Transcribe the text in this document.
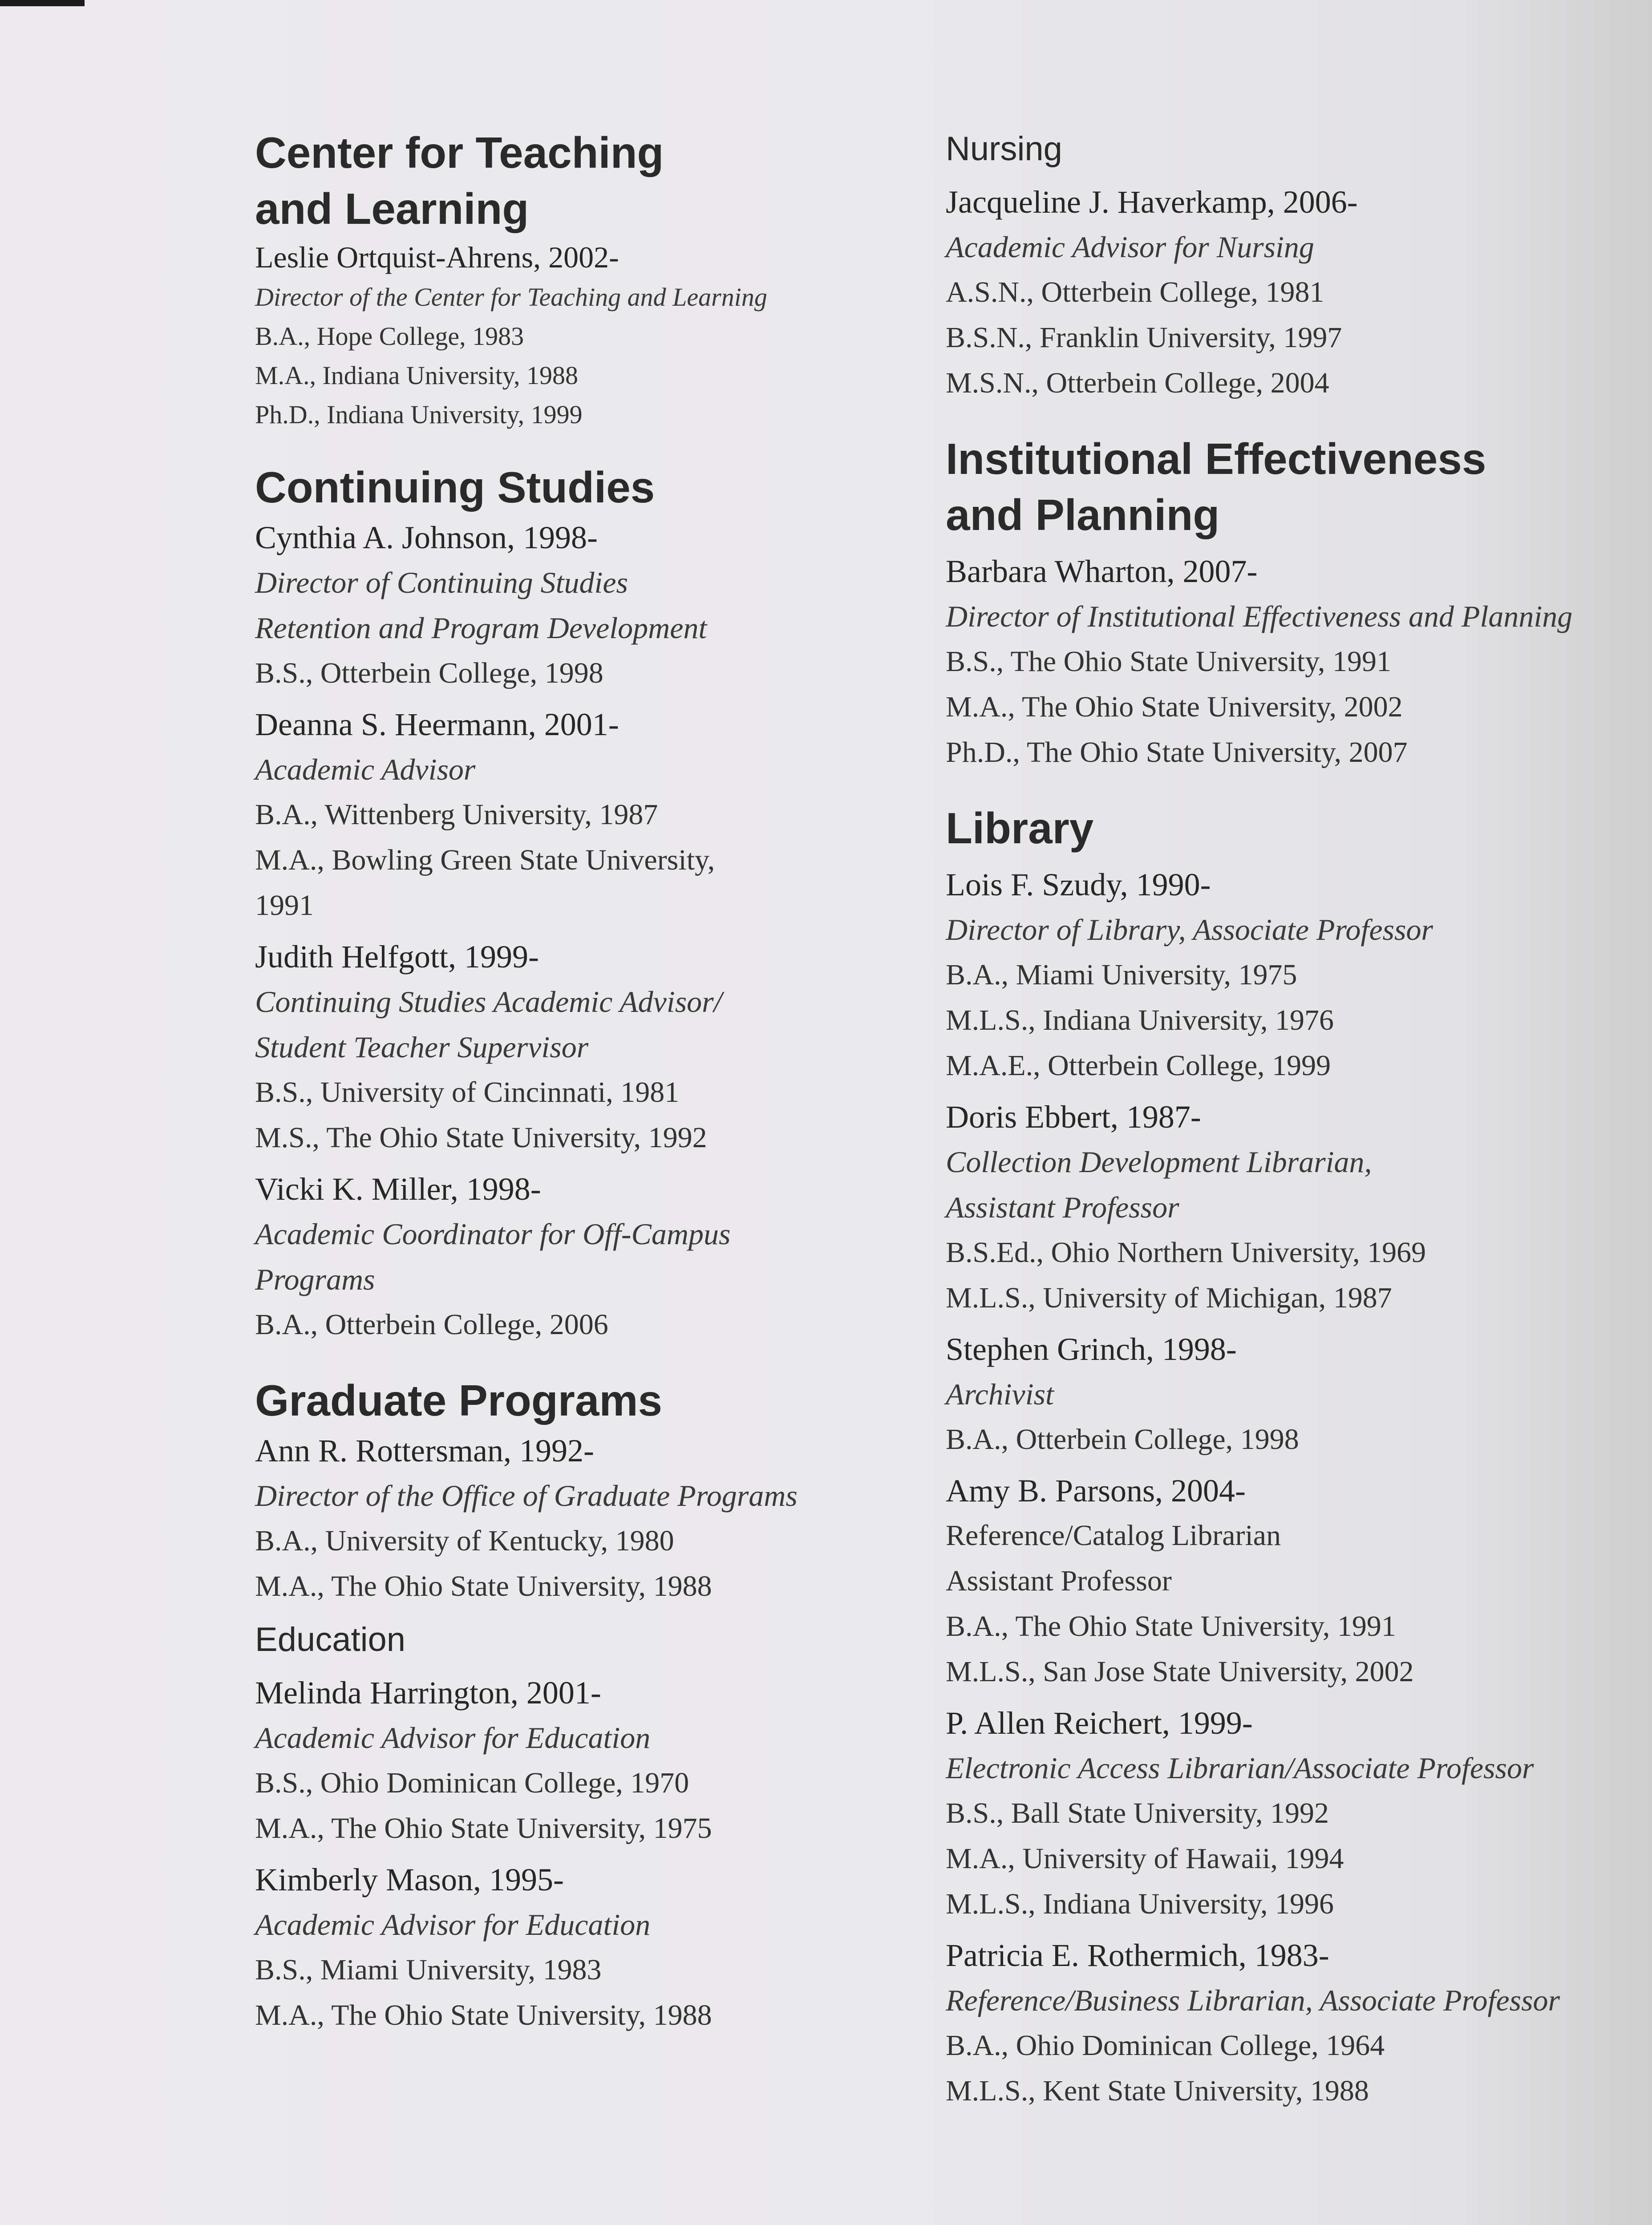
Center for Teaching
and Learning
Leslie Ortquist-Ahrens, 2002-
Director of the Center for Teaching and Learning
B.A., Hope College, 1983
M.A., Indiana University, 1988
Ph.D., Indiana University, 1999
Continuing Studies
Cynthia A. Johnson, 1998-
Director of Continuing Studies
Retention and Program Development
B.S., Otterbein College, 1998
Deanna S. Heermann, 2001-
Academic Advisor
B.A., Wittenberg University, 1987
M.A., Bowling Green State University,
1991
Judith Helfgott, 1999-
Continuing Studies Academic Advisor/
Student Teacher Supervisor
B.S., University of Cincinnati, 1981
M.S., The Ohio State University, 1992
Vicki K. Miller, 1998-
Academic Coordinator for Off-Campus
Programs
B.A., Otterbein College, 2006
Graduate Programs
Ann R. Rottersman, 1992-
Director of the Office of Graduate Programs
B.A., University of Kentucky, 1980
M.A., The Ohio State University, 1988
Education
Melinda Harrington, 2001-
Academic Advisor for Education
B.S., Ohio Dominican College, 1970
M.A., The Ohio State University, 1975
Kimberly Mason, 1995-
Academic Advisor for Education
B.S., Miami University, 1983
M.A., The Ohio State University, 1988
Nursing
Jacqueline J. Haverkamp, 2006-
Academic Advisor for Nursing
A.S.N., Otterbein College, 1981
B.S.N., Franklin University, 1997
M.S.N., Otterbein College, 2004
Institutional Effectiveness
and Planning
Barbara Wharton, 2007-
Director of Institutional Effectiveness and Planning
B.S., The Ohio State University, 1991
M.A., The Ohio State University, 2002
Ph.D., The Ohio State University, 2007
Library
Lois F. Szudy, 1990-
Director of Library, Associate Professor
B.A., Miami University, 1975
M.L.S., Indiana University, 1976
M.A.E., Otterbein College, 1999
Doris Ebbert, 1987-
Collection Development Librarian,
Assistant Professor
B.S.Ed., Ohio Northern University, 1969
M.L.S., University of Michigan, 1987
Stephen Grinch, 1998-
Archivist
B.A., Otterbein College, 1998
Amy B. Parsons, 2004-
Reference/Catalog Librarian
Assistant Professor
B.A., The Ohio State University, 1991
M.L.S., San Jose State University, 2002
P. Allen Reichert, 1999-
Electronic Access Librarian/Associate Professor
B.S., Ball State University, 1992
M.A., University of Hawaii, 1994
M.L.S., Indiana University, 1996
Patricia E. Rothermich, 1983-
Reference/Business Librarian, Associate Professor
B.A., Ohio Dominican College, 1964
M.L.S., Kent State University, 1988
